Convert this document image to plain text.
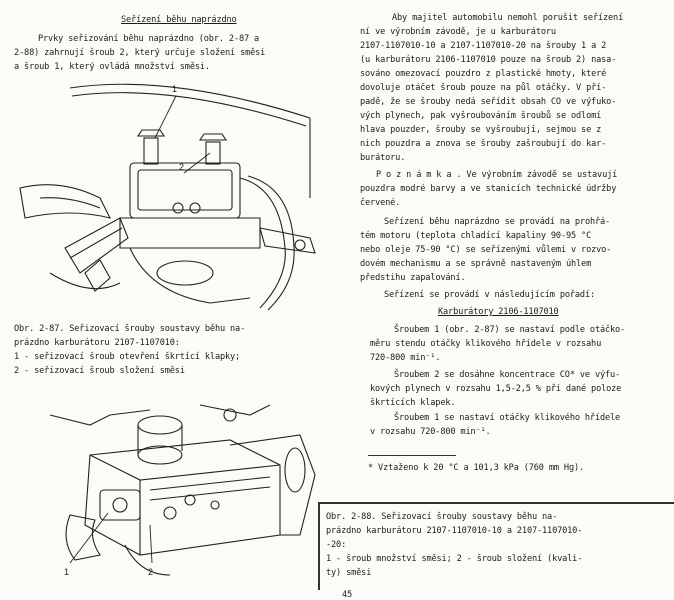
Seřízení běhu naprázdno
Prvky seřizování běhu naprázdno (obr. 2-87 a
2-88) zahrnují šroub 2, který určuje složení směsi
a šroub 1, který ovládá množství směsi.
1
2
Obr. 2-87. Seřizovací šrouby soustavy běhu na-
prázdno karburátoru 2107-1107010:
1 - seřizovací šroub otevření škrtící klapky;
2 - seřizovací šroub složení směsi
1	2
Aby majitel automobilu nemohl porušit seřízení
ní ve výrobním závodě, je u karburátoru
2107-1107010-10 a 2107-1107010-20 na šrouby 1 a 2
(u karburátoru 2106-1107010 pouze na šroub 2) nasa-
sováno omezovací pouzdro z plastické hmoty, které
dovoluje otáčet šroub pouze na půl otáčky. V pří-
padě, že se šrouby nedá seřídit obsah CO ve výfuko-
vých plynech, pak vyšroubováním šroubů se odlomí
hlava pouzder, šrouby se vyšroubují, sejmou se z
nich pouzdra a znova se šrouby zašroubují do kar-
burátoru.
P o z n á m k a . Ve výrobním závodě se ustavují
pouzdra modré barvy a ve stanicích technické údržby
červené.
Seřízení běhu naprázdno se provádí na prohřá-
tém motoru (teplota chladící kapaliny 90-95 °C
nebo oleje 75-90 °C) se seřízenými vůlemi v rozvo-
dovém mechanismu a se správně nastaveným úhlem
předstihu zapalování.
Seřízení se provádí v následujícím pořadí:
Karburátory 2106-1107010
Šroubem 1 (obr. 2-87) se nastaví podle otáčko-
měru stendu otáčky klikového hřídele v rozsahu
720-800 min⁻¹.
Šroubem 2 se dosáhne koncentrace CO* ve výfu-
kových plynech v rozsahu 1,5-2,5 % při dané poloze
škrtících klapek.
Šroubem 1 se nastaví otáčky klikového hřídele
v rozsahu 720-800 min⁻¹.
* Vztaženo k 20 °C a 101,3 kPa (760 mm Hg).
Obr. 2-88. Seřizovací šrouby soustavy běhu na-
prázdno karburátoru 2107-1107010-10 a 2107-1107010-
-20:
1 - šroub množství směsi; 2 - šroub složení (kvali-
ty) směsi
45
